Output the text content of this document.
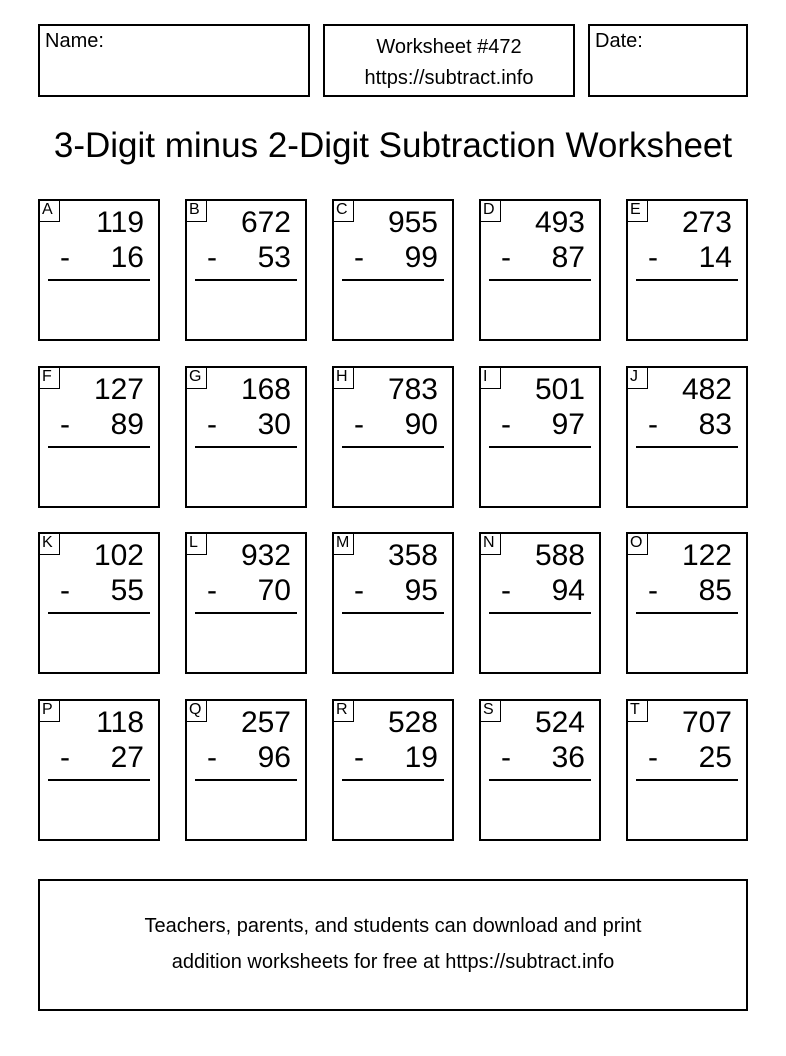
Name:	Worksheet #472
https://subtract.info
Date:
3-Digit minus 2-Digit Subtraction Worksheet
A 119
- 16
B 672
- 53
C 955
- 99
D 493
- 87
E 273
- 14
F 127
- 89
G 168
- 30
H 783
- 90
I	501
- 97
J	482
- 83
K 102
- 55
L	932
- 70
M 358
- 95
N 588
- 94
O 122
- 85
P 118
- 27
Q 257
- 96
R 528
- 19
S 524
- 36
T 707
- 25
Teachers, parents, and students can download and print
addition worksheets for free at https://subtract.info
